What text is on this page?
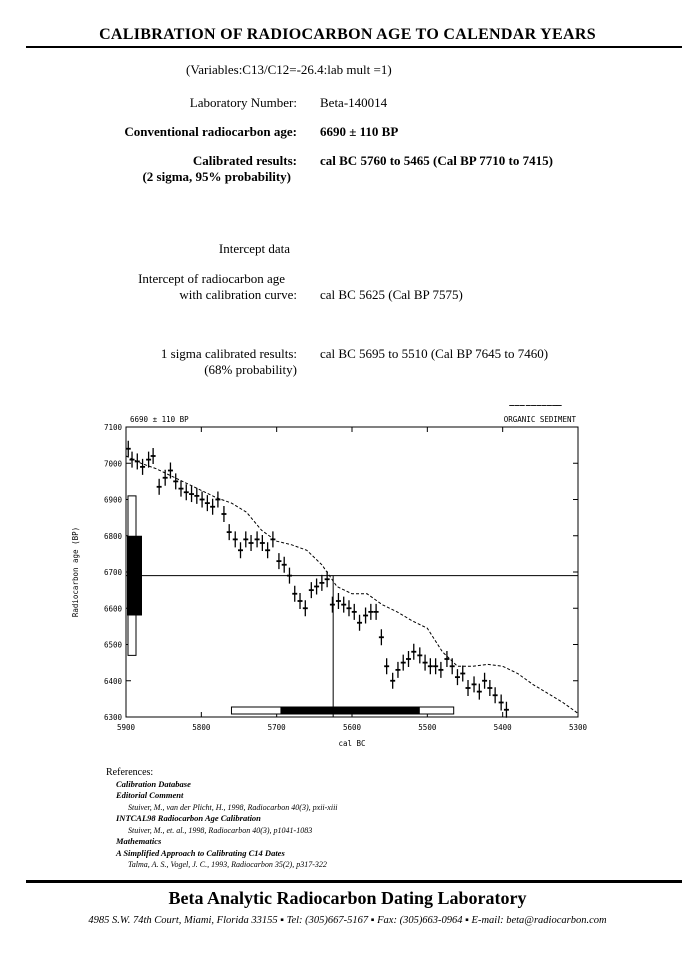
CALIBRATION OF RADIOCARBON AGE TO CALENDAR YEARS
(Variables:C13/C12=-26.4:lab mult =1)
Laboratory Number: Beta-140014
Conventional radiocarbon age: 6690 ± 110 BP
Calibrated results:
(2 sigma, 95% probability)
cal BC 5760 to 5465 (Cal BP 7710 to 7415)
Intercept data
Intercept of radiocarbon age
with calibration curve: cal BC 5625 (Cal BP 7575)
1 sigma calibrated results:
(68% probability)
cal BC 5695 to 5510 (Cal BP 7645 to 7460)
6690 ± 110 BP	ORGANIC SEDIMENT
7100
7000
6900
6800
6700
6600
6500
6400
6300
5900	5800	5700	5600	5500	5400	5300
cal BC
Radiocarbon age (BP)
References:
Calibration Database
Editorial Comment
Stuiver, M., van der Plicht, H., 1998, Radiocarbon 40(3), pxii-xiii
INTCAL98 Radiocarbon Age Calibration
Stuiver, M., et. al., 1998, Radiocarbon 40(3), p1041-1083
Mathematics
A Simplified Approach to Calibrating C14 Dates
Talma, A. S., Vogel, J. C., 1993, Radiocarbon 35(2), p317-322
Beta Analytic Radiocarbon Dating Laboratory
4985 S.W. 74th Court, Miami, Florida 33155 ▪ Tel: (305)667-5167 ▪ Fax: (305)663-0964 ▪ E-mail: beta@radiocarbon.com
